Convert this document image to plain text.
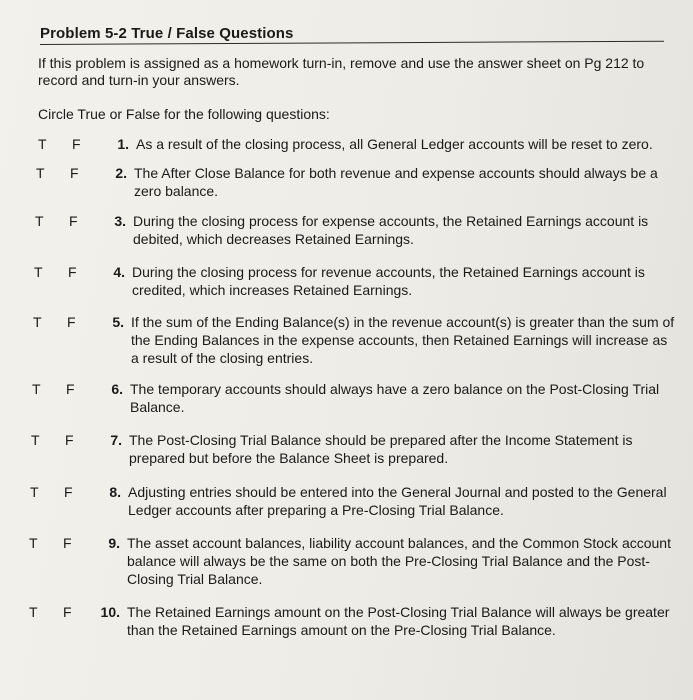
Problem 5-2 True / False Questions
If this problem is assigned as a homework turn-in, remove and use the answer sheet on Pg 212 to record and turn-in your answers.
Circle True or False for the following questions:
T F	1. As a result of the closing process, all General Ledger accounts will be reset to zero.
T F	2. The After Close Balance for both revenue and expense accounts should always be a zero balance.
T F	3. During the closing process for expense accounts, the Retained Earnings account is debited, which decreases Retained Earnings.
T F	4. During the closing process for revenue accounts, the Retained Earnings account is credited, which increases Retained Earnings.
T F	5. If the sum of the Ending Balance(s) in the revenue account(s) is greater than the sum of the Ending Balances in the expense accounts, then Retained Earnings will increase as a result of the closing entries.
T F	6. The temporary accounts should always have a zero balance on the Post-Closing Trial Balance.
T F	7. The Post-Closing Trial Balance should be prepared after the Income Statement is prepared but before the Balance Sheet is prepared.
T F	8. Adjusting entries should be entered into the General Journal and posted to the General Ledger accounts after preparing a Pre-Closing Trial Balance.
T F	9. The asset account balances, liability account balances, and the Common Stock account balance will always be the same on both the Pre-Closing Trial Balance and the Post-Closing Trial Balance.
T F 10. The Retained Earnings amount on the Post-Closing Trial Balance will always be greater than the Retained Earnings amount on the Pre-Closing Trial Balance.
